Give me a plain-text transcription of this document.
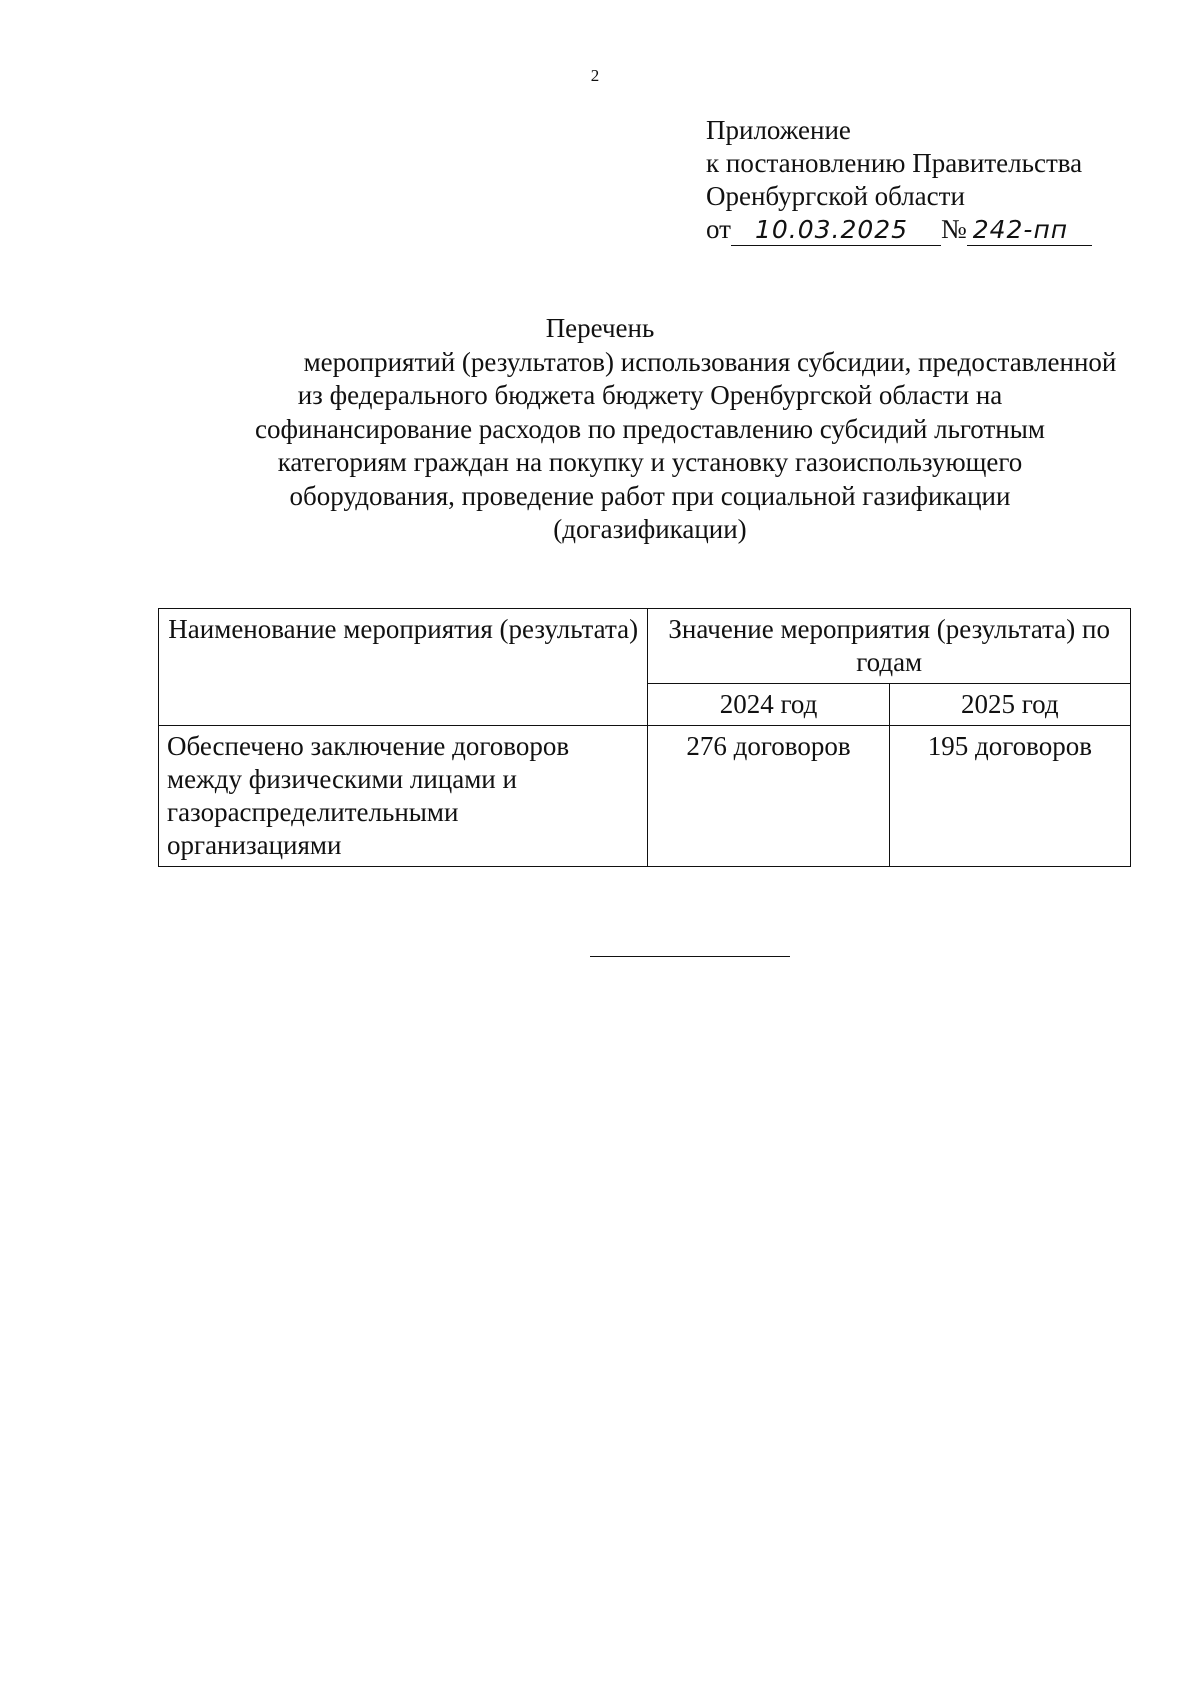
2
Приложение
к постановлению Правительства
Оренбургской области
от 10.03.2025	№ 242-пп
Перечень
мероприятий (результатов) использования субсидии, предоставленной
из федерального бюджета бюджету Оренбургской области на
софинансирование расходов по предоставлению субсидий льготным
категориям граждан на покупку и установку газоиспользующего
оборудования, проведение работ при социальной газификации
(догазификации)
Наименование мероприятия (результата)	Значение мероприятия (результата) по годам	
	2024 год	2025 год
Обеспечено заключение договоров между физическими лицами и газораспределительными организациями	276 договоров	195 договоров
